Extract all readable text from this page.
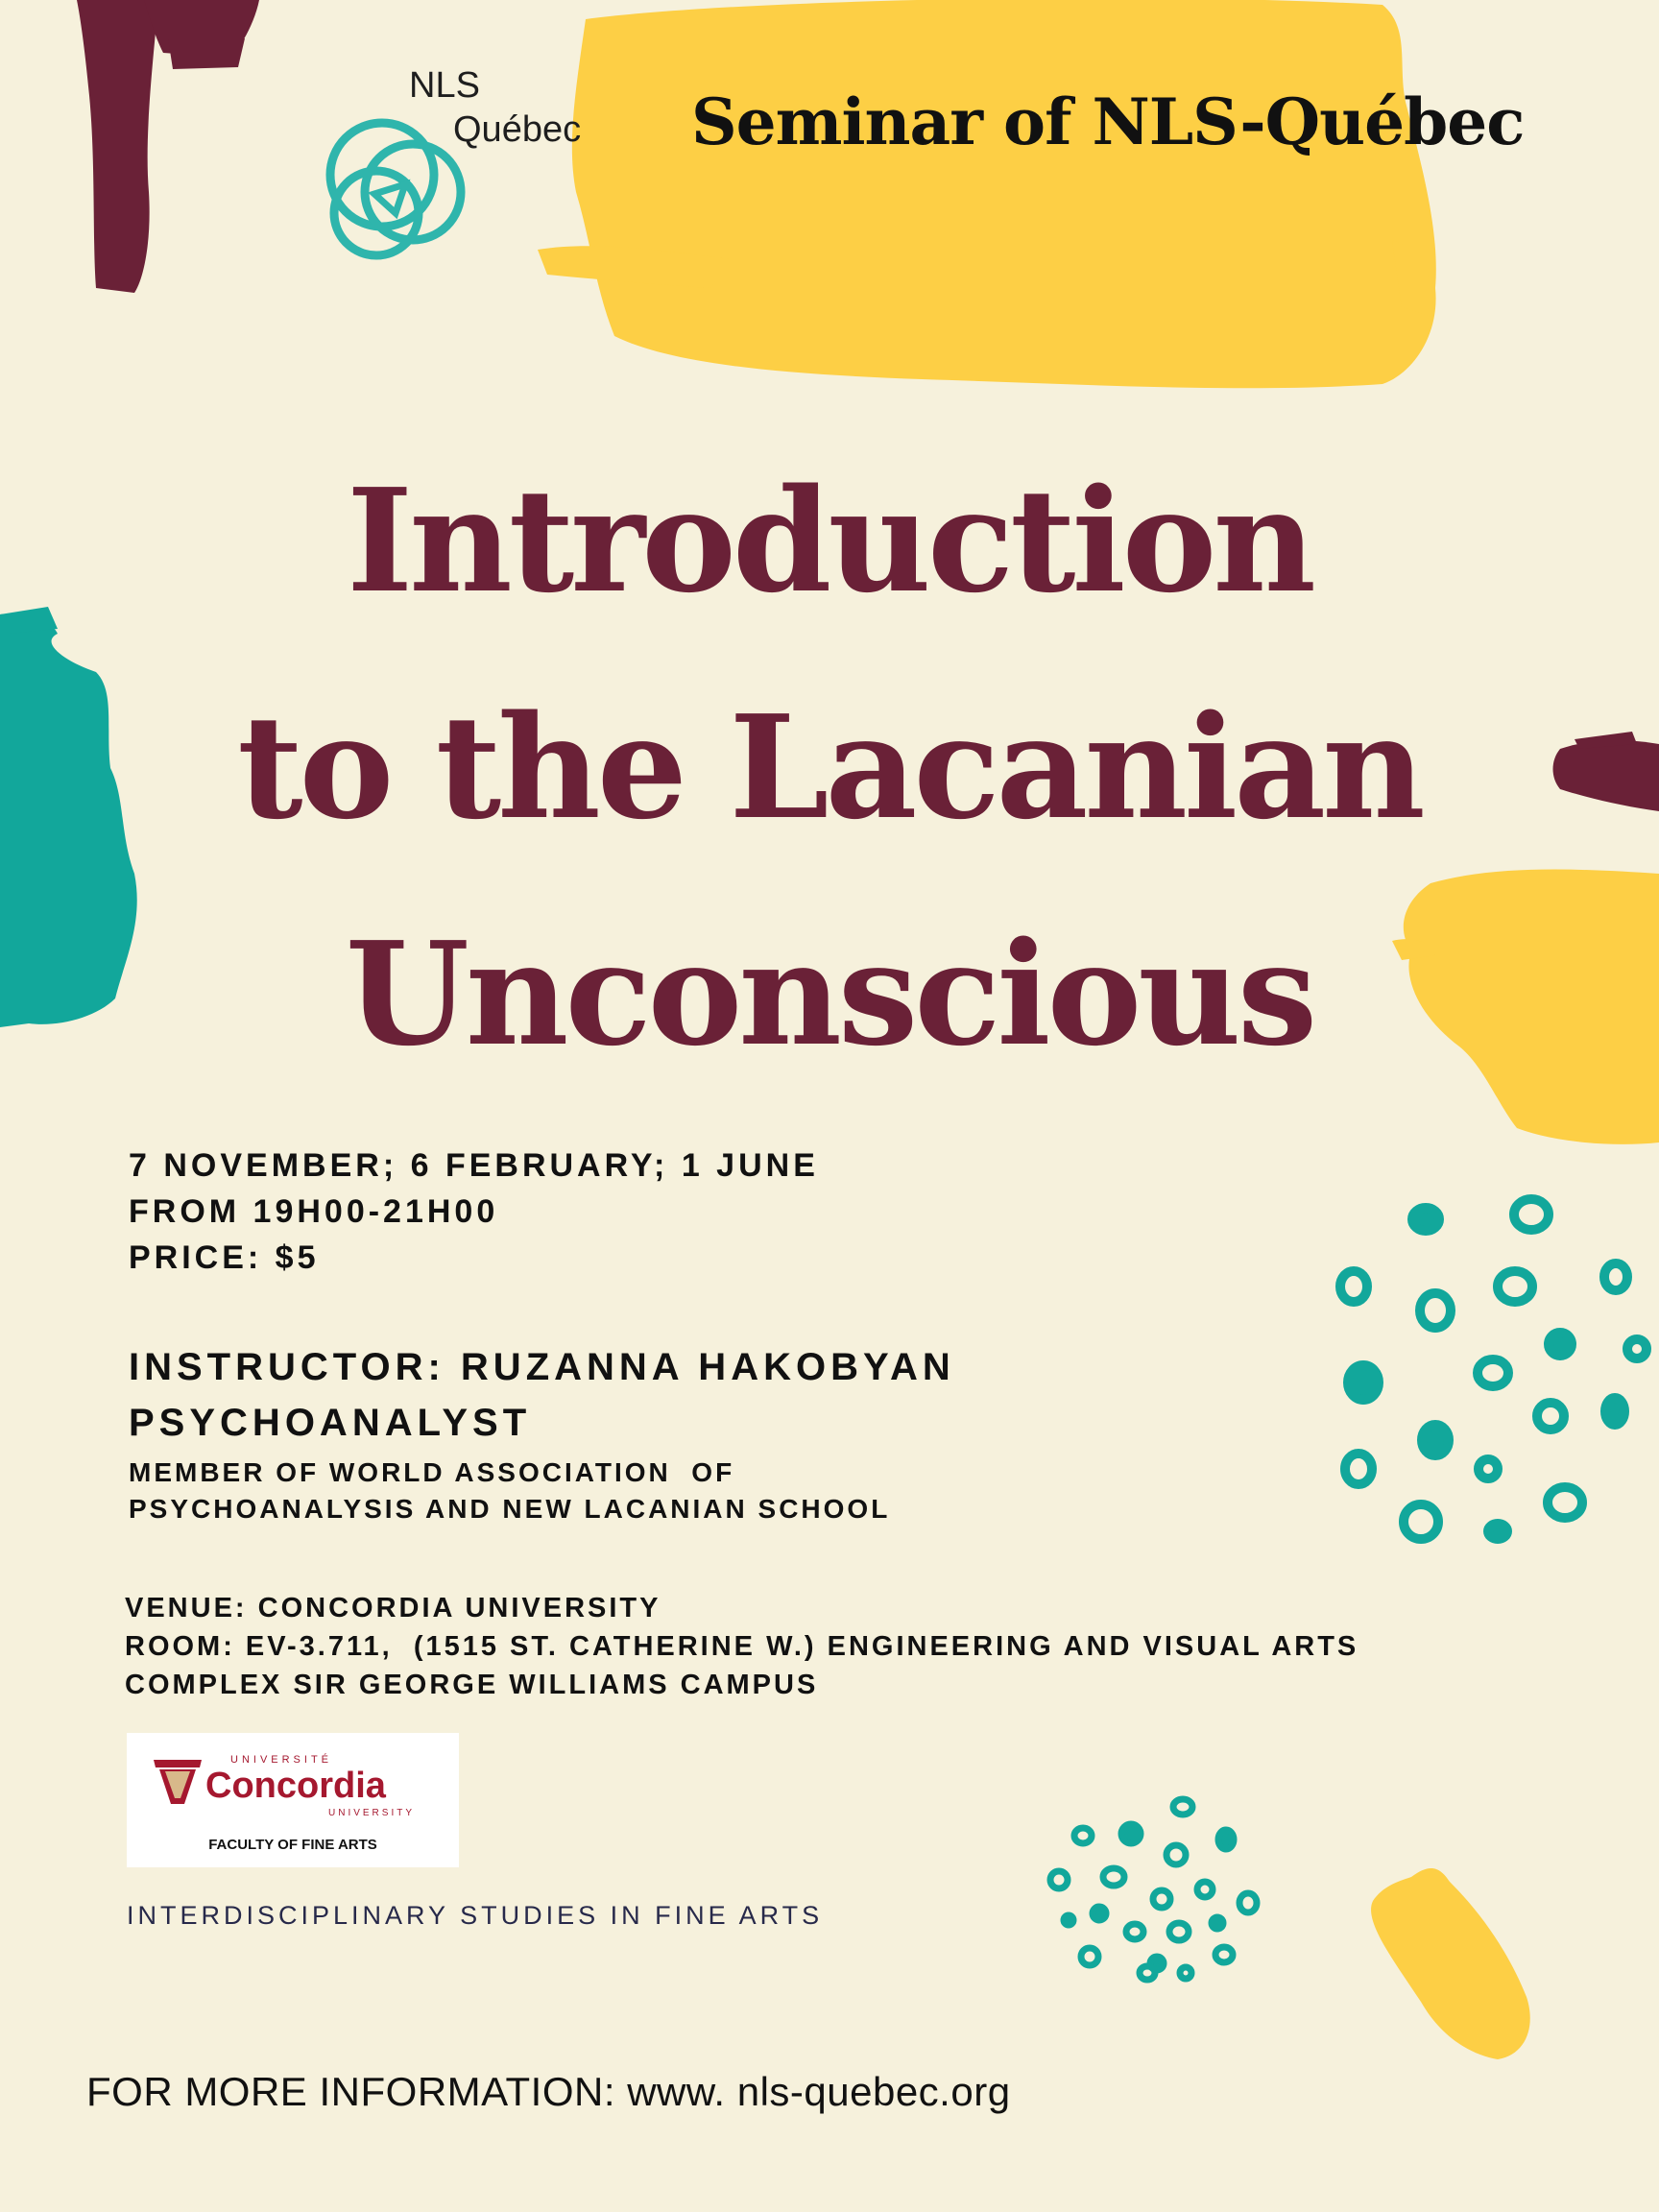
NLS
Québec Seminar of NLS-Québec
Introduction
to the Lacanian
Unconscious
7 NOVEMBER; 6 FEBRUARY; 1 JUNE
FROM 19H00-21H00
PRICE: $5
INSTRUCTOR: RUZANNA HAKOBYAN
PSYCHOANALYST
MEMBER OF WORLD ASSOCIATION  OF
PSYCHOANALYSIS AND NEW LACANIAN SCHOOL
VENUE: CONCORDIA UNIVERSITY
ROOM: EV-3.711,  (1515 ST. CATHERINE W.) ENGINEERING AND VISUAL ARTS
COMPLEX SIR GEORGE WILLIAMS CAMPUS
UNIVERSITÉ
Concordia
UNIVERSITY
FACULTY OF FINE ARTS
INTERDISCIPLINARY STUDIES IN FINE ARTS
FOR MORE INFORMATION: www. nls-quebec.org
